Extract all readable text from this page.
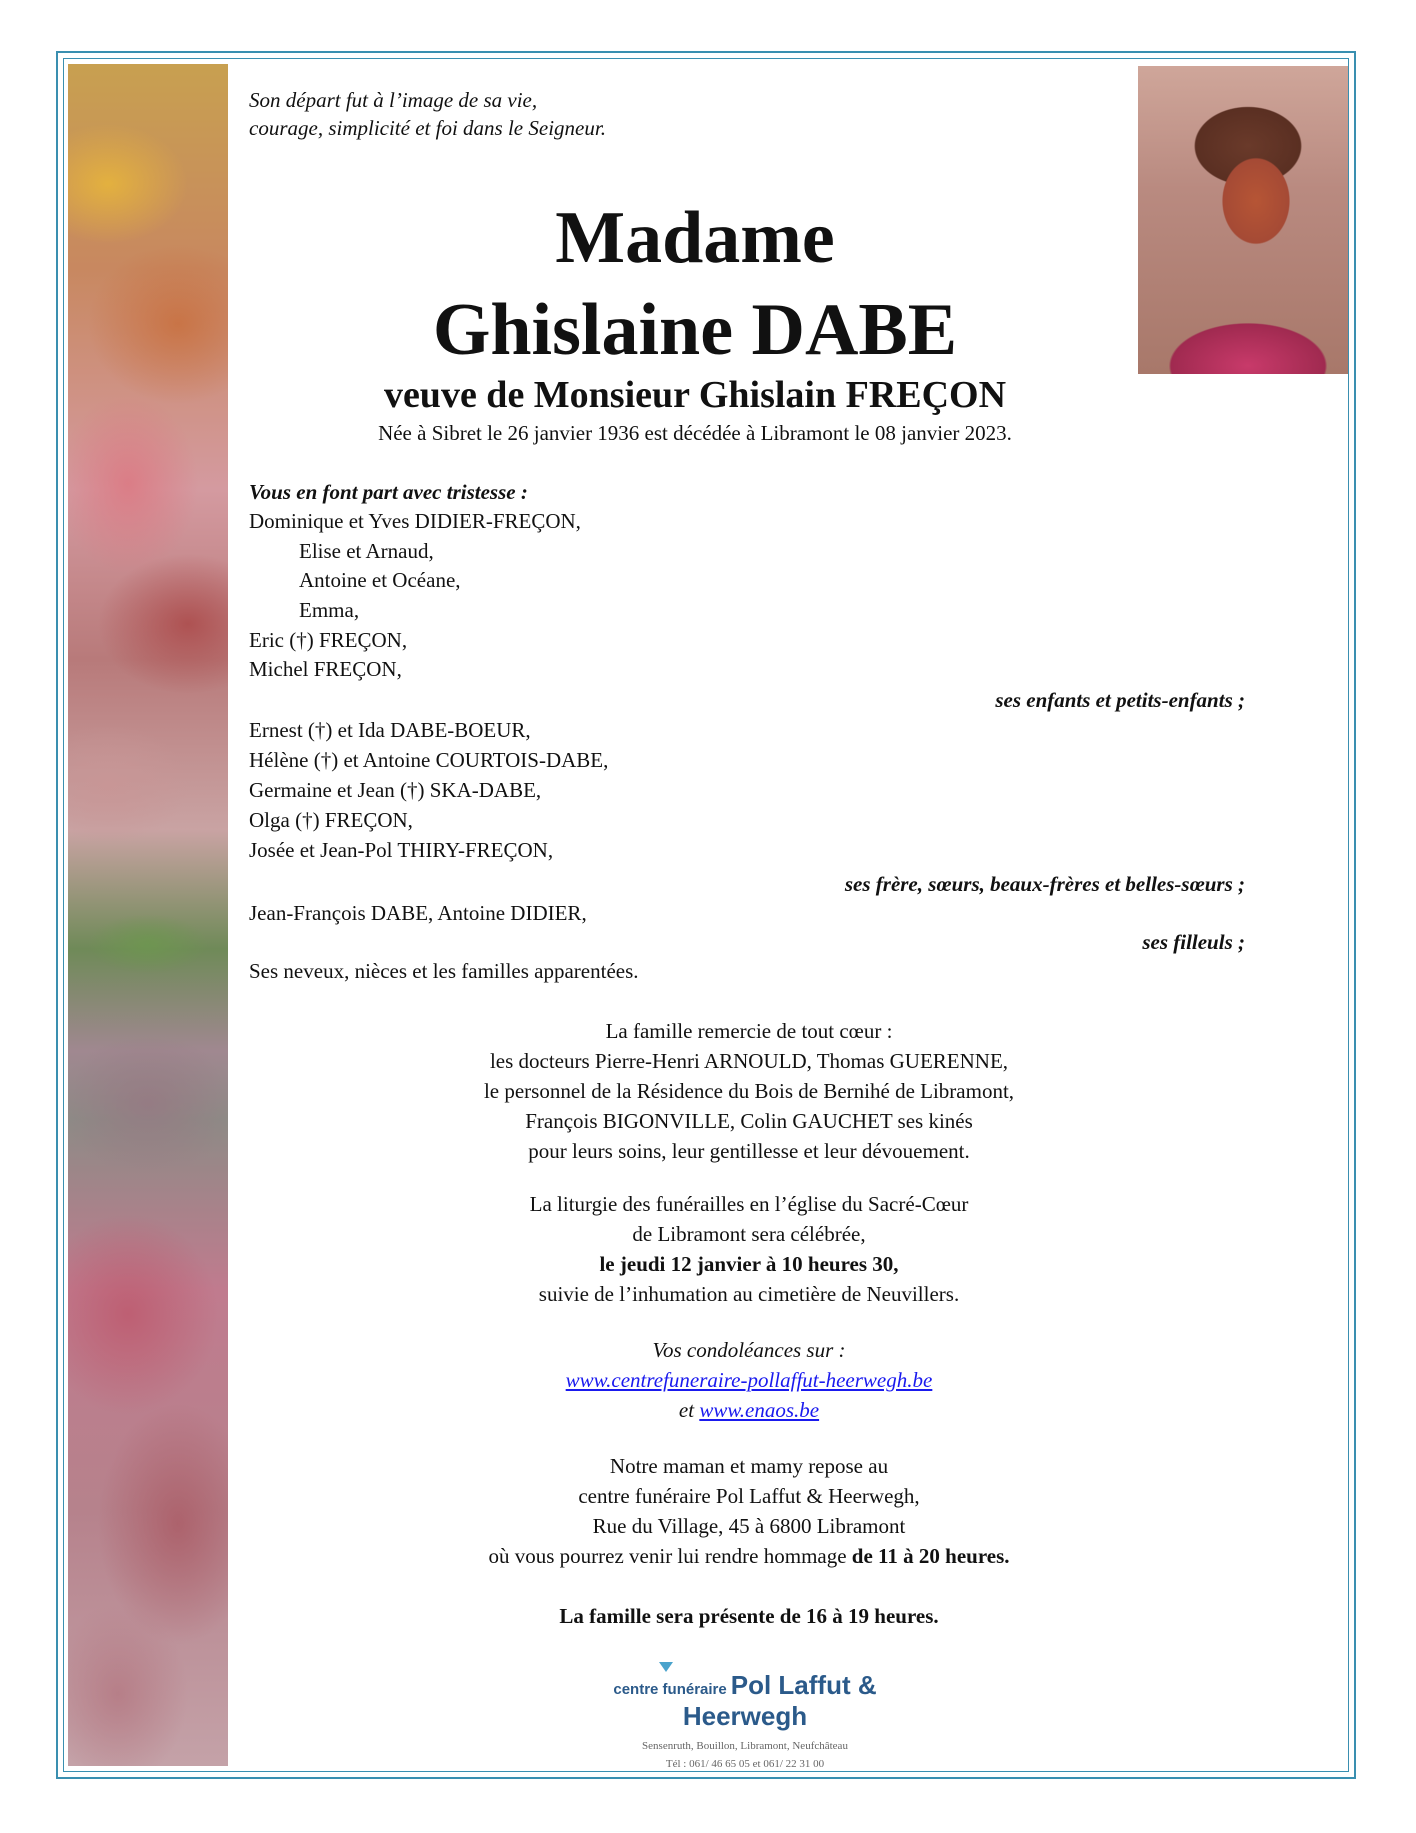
Son départ fut à l’image de sa vie,
courage, simplicité et foi dans le Seigneur.
Madame
Ghislaine DABE
veuve de Monsieur Ghislain FREÇON
Née à Sibret le 26 janvier 1936 est décédée à Libramont le 08 janvier 2023.
Vous en font part avec tristesse :
Dominique et Yves DIDIER-FREÇON,
Elise et Arnaud,
Antoine et Océane,
Emma,
Eric (†) FREÇON,
Michel FREÇON,
ses enfants et petits-enfants ;
Ernest (†) et Ida DABE-BOEUR,
Hélène (†) et Antoine COURTOIS-DABE,
Germaine et Jean (†) SKA-DABE,
Olga (†) FREÇON,
Josée et Jean-Pol THIRY-FREÇON,
ses frère, sœurs, beaux-frères et belles-sœurs ;
Jean-François DABE, Antoine DIDIER,
ses filleuls ;
Ses neveux, nièces et les familles apparentées.
La famille remercie de tout cœur :
les docteurs Pierre-Henri ARNOULD, Thomas GUERENNE,
le personnel de la Résidence du Bois de Bernihé de Libramont,
François BIGONVILLE, Colin GAUCHET ses kinés
pour leurs soins, leur gentillesse et leur dévouement.
La liturgie des funérailles en l’église du Sacré-Cœur
de Libramont sera célébrée,
le jeudi 12 janvier à 10 heures 30,
suivie de l’inhumation au cimetière de Neuvillers.
Vos condoléances sur :
www.centrefuneraire-pollaffut-heerwegh.be
et www.enaos.be
Notre maman et mamy repose au
centre funéraire Pol Laffut & Heerwegh,
Rue du Village, 45 à 6800 Libramont
où vous pourrez venir lui rendre hommage de 11 à 20 heures.
La famille sera présente de 16 à 19 heures.
centre funéraire Pol Laffut & Heerwegh
Sensenruth, Bouillon, Libramont, Neufchâteau
Tél : 061/ 46 65 05 et 061/ 22 31 00
